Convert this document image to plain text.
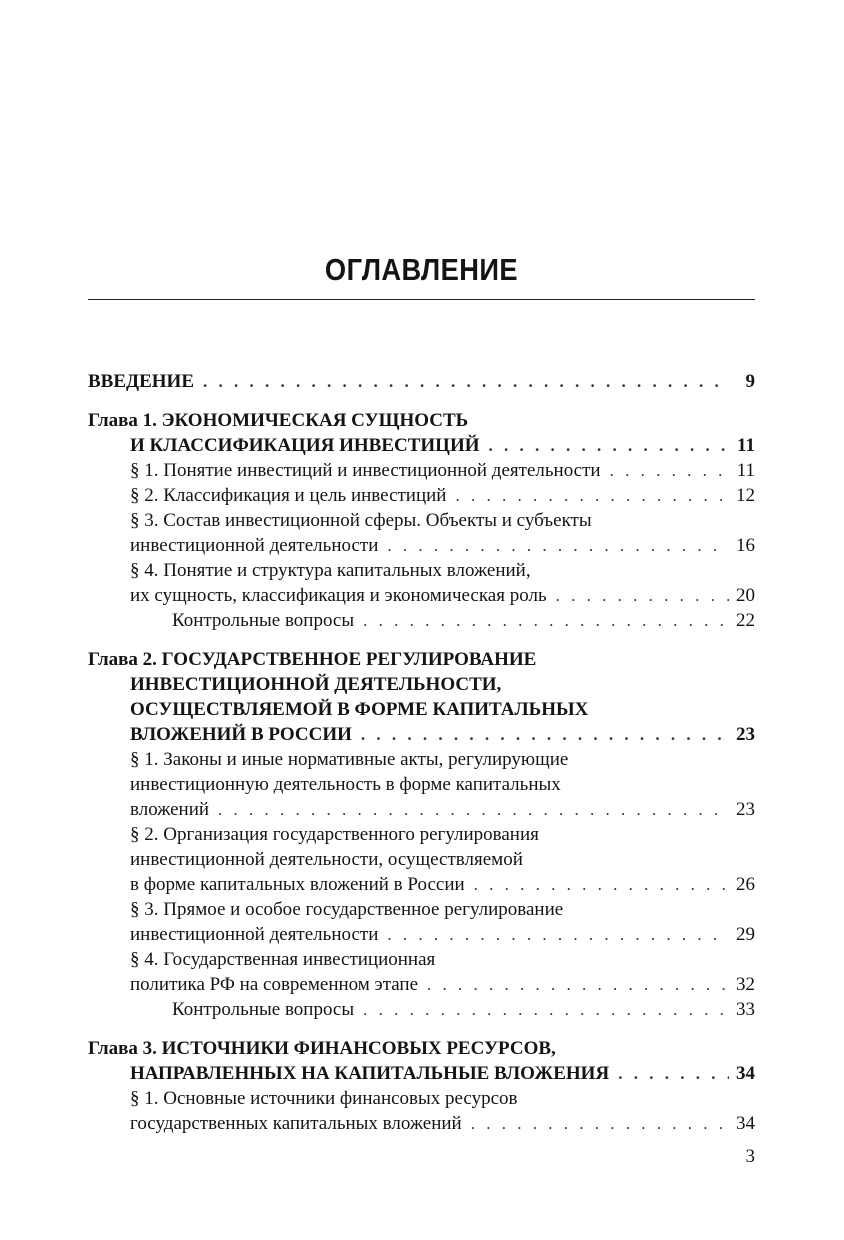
ОГЛАВЛЕНИЕ
ВВЕДЕНИЕ . . .	9
Глава 1. ЭКОНОМИЧЕСКАЯ СУЩНОСТЬ
И КЛАССИФИКАЦИЯ ИНВЕСТИЦИЙ . . .	11
§ 1. Понятие инвестиций и инвестиционной деятельности . . .	11
§ 2. Классификация и цель инвестиций . . .	12
§ 3. Состав инвестиционной сферы. Объекты и субъекты
инвестиционной деятельности . . .	16
§ 4. Понятие и структура капитальных вложений,
их сущность, классификация и экономическая роль . . .	20
Контрольные вопросы . . .	22
Глава 2. ГОСУДАРСТВЕННОЕ РЕГУЛИРОВАНИЕ
ИНВЕСТИЦИОННОЙ ДЕЯТЕЛЬНОСТИ,
ОСУЩЕСТВЛЯЕМОЙ В ФОРМЕ КАПИТАЛЬНЫХ
ВЛОЖЕНИЙ В РОССИИ . . .	23
§ 1. Законы и иные нормативные акты, регулирующие
инвестиционную деятельность в форме капитальных
вложений . . .	23
§ 2. Организация государственного регулирования
инвестиционной деятельности, осуществляемой
в форме капитальных вложений в России . . .	26
§ 3. Прямое и особое государственное регулирование
инвестиционной деятельности . . .	29
§ 4. Государственная инвестиционная
политика РФ на современном этапе . . .	32
Контрольные вопросы . . .	33
Глава 3. ИСТОЧНИКИ ФИНАНСОВЫХ РЕСУРСОВ,
НАПРАВЛЕННЫХ НА КАПИТАЛЬНЫЕ ВЛОЖЕНИЯ . . .	34
§ 1. Основные источники финансовых ресурсов
государственных капитальных вложений . . .	34
3
